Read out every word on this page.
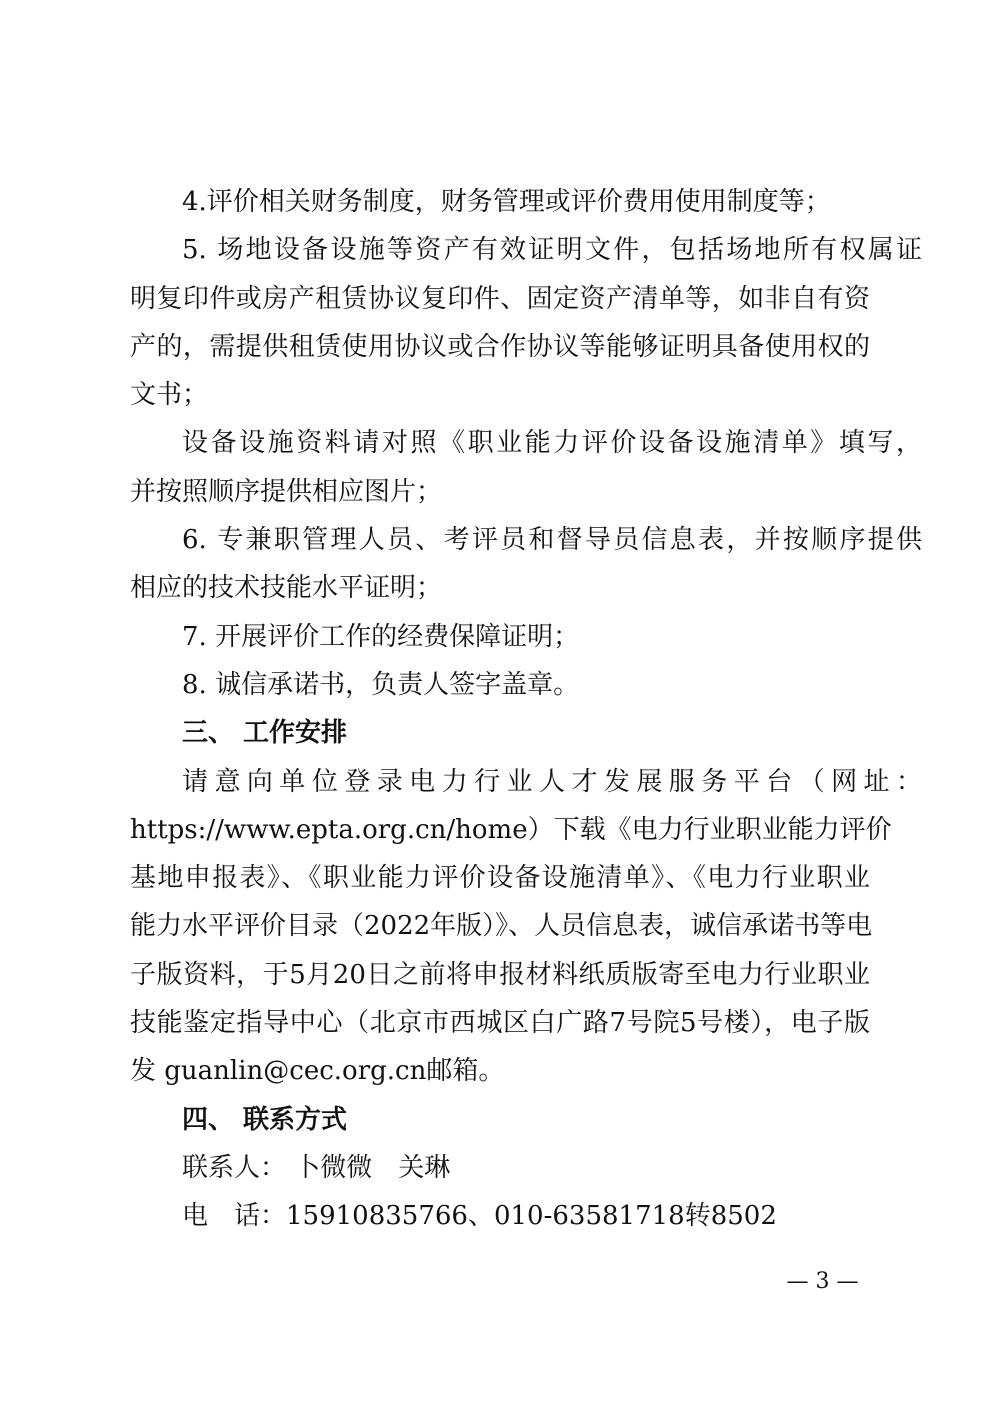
4.评价相关财务制度，财务管理或评价费用使用制度等；
5. 场地设备设施等资产有效证明文件，包括场地所有权属证
明复印件或房产租赁协议复印件、固定资产清单等，如非自有资
产的，需提供租赁使用协议或合作协议等能够证明具备使用权的
文书；
设备设施资料请对照《职业能力评价设备设施清单》填写，
并按照顺序提供相应图片；
6. 专兼职管理人员、考评员和督导员信息表，并按顺序提供
相应的技术技能水平证明；
7. 开展评价工作的经费保障证明；
8. 诚信承诺书，负责人签字盖章。
三、 工作安排
请意向单位登录电力行业人才发展服务平台（网址：
https://www.epta.org.cn/home）下载《电力行业职业能力评价
基地申报表》、《职业能力评价设备设施清单》、《电力行业职业
能力水平评价目录（2022年版）》、人员信息表，诚信承诺书等电
子版资料，于5月20日之前将申报材料纸质版寄至电力行业职业
技能鉴定指导中心（北京市西城区白广路7号院5号楼），电子版
发 guanlin@cec.org.cn邮箱。
四、 联系方式
联系人： 卜微微　关琳
电　话：15910835766、010-63581718转8502
— 3 —
